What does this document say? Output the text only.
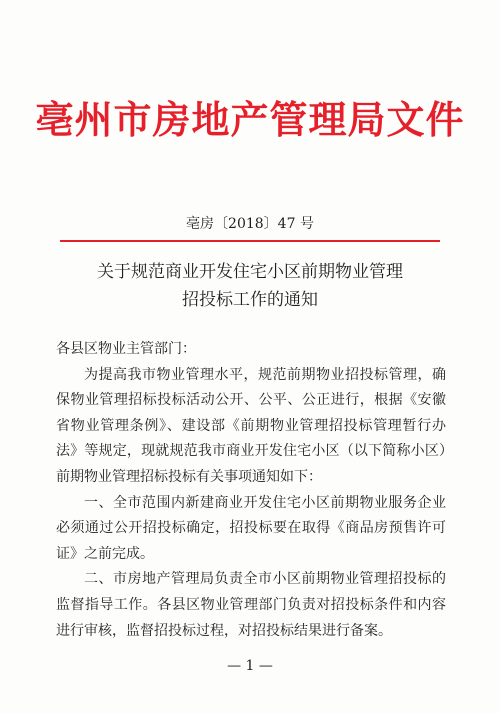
亳州市房地产管理局文件
亳房〔2018〕47 号
关于规范商业开发住宅小区前期物业管理
招投标工作的通知

各县区物业主管部门：

为提高我市物业管理水平，规范前期物业招投标管理，确保物业管理招标投标活动公开、公平、公正进行，根据《安徽省物业管理条例》、建设部《前期物业管理招投标管理暂行办法》等规定，现就规范我市商业开发住宅小区（以下简称小区）前期物业管理招标投标有关事项通知如下：

一、全市范围内新建商业开发住宅小区前期物业服务企业必须通过公开招投标确定，招投标要在取得《商品房预售许可证》之前完成。

二、市房地产管理局负责全市小区前期物业管理招投标的监督指导工作。各县区物业管理部门负责对招投标条件和内容进行审核，监督招投标过程，对招投标结果进行备案。

— 1 —
